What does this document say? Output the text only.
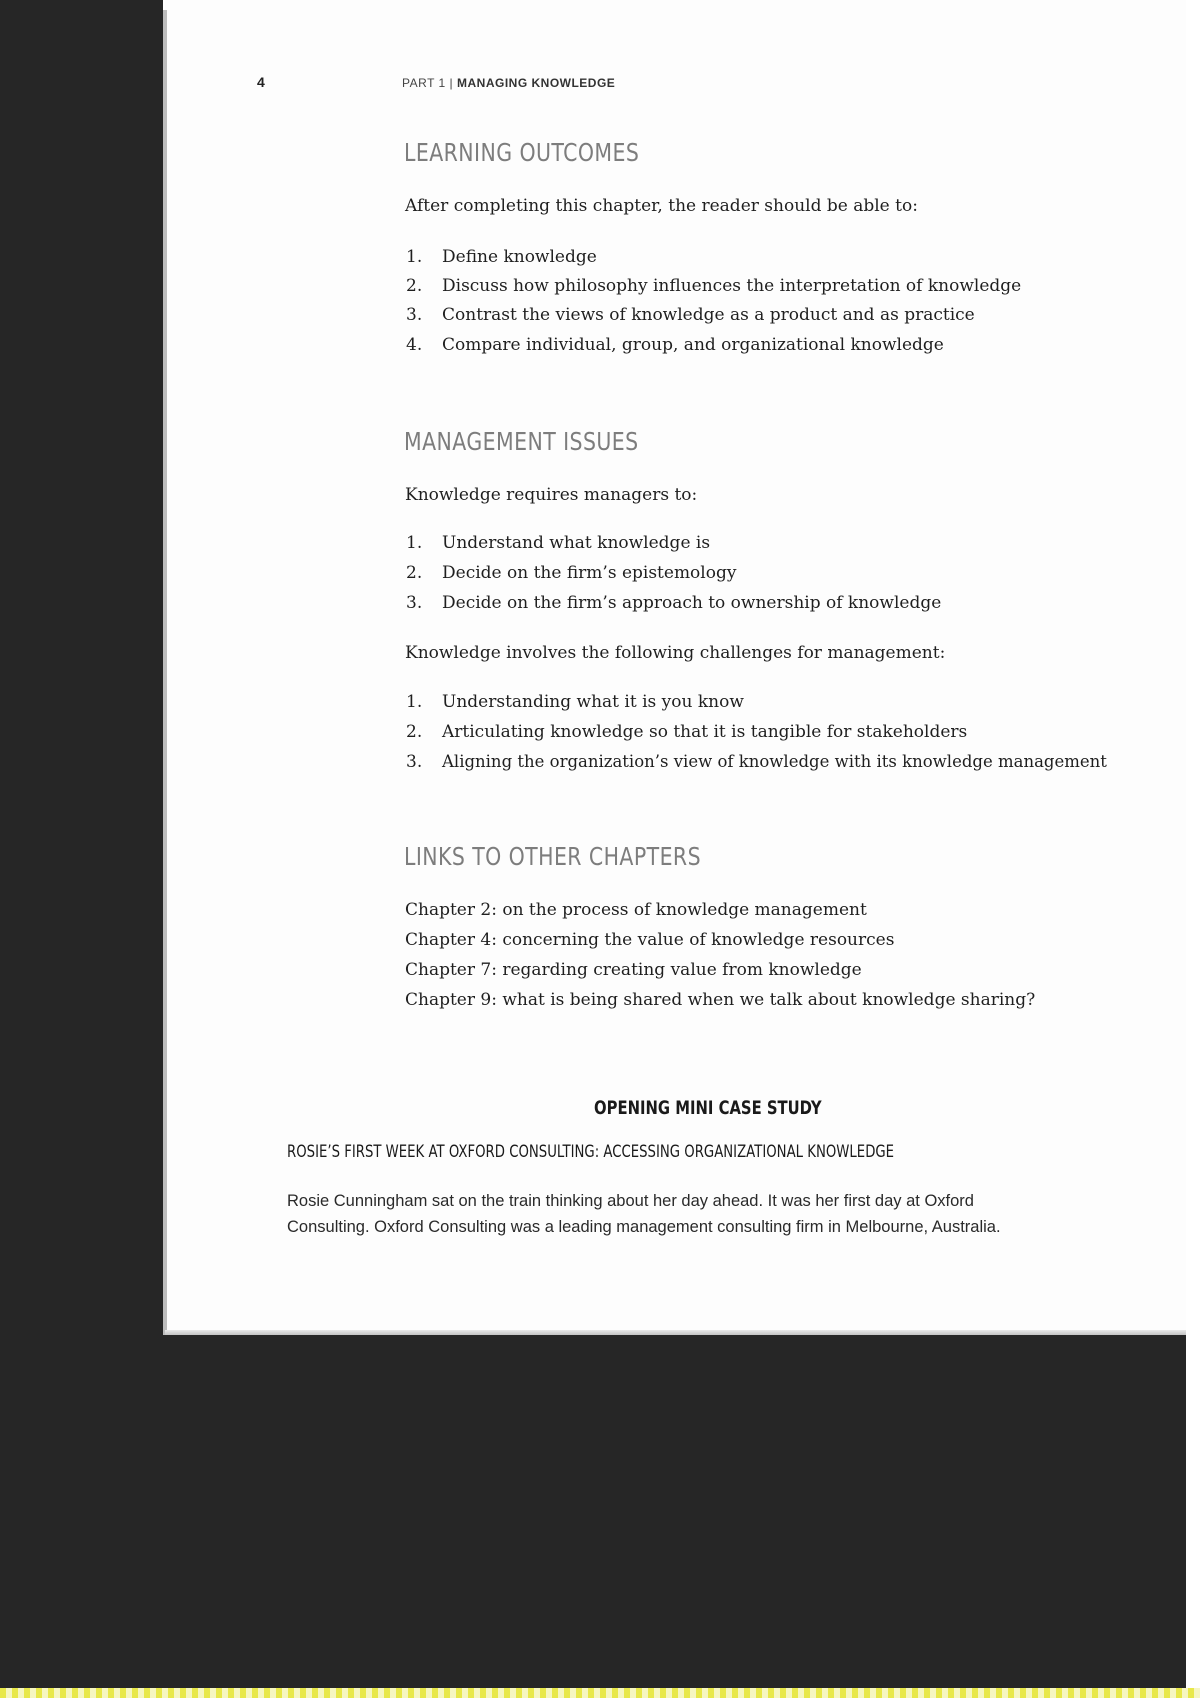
4	PART 1 | MANAGING KNOWLEDGE
LEARNING OUTCOMES
After completing this chapter, the reader should be able to:
1. Define knowledge
2. Discuss how philosophy influences the interpretation of knowledge
3. Contrast the views of knowledge as a product and as practice
4. Compare individual, group, and organizational knowledge
MANAGEMENT ISSUES
Knowledge requires managers to:
1. Understand what knowledge is
2. Decide on the firm’s epistemology
3. Decide on the firm’s approach to ownership of knowledge
Knowledge involves the following challenges for management:
1. Understanding what it is you know
2. Articulating knowledge so that it is tangible for stakeholders
3. Aligning the organization’s view of knowledge with its knowledge management
LINKS TO OTHER CHAPTERS
Chapter 2: on the process of knowledge management
Chapter 4: concerning the value of knowledge resources
Chapter 7: regarding creating value from knowledge
Chapter 9: what is being shared when we talk about knowledge sharing?
OPENING MINI CASE STUDY
ROSIE’S FIRST WEEK AT OXFORD CONSULTING: ACCESSING ORGANIZATIONAL KNOWLEDGE
Rosie Cunningham sat on the train thinking about her day ahead. It was her first day at Oxford
Consulting. Oxford Consulting was a leading management consulting firm in Melbourne, Australia.
